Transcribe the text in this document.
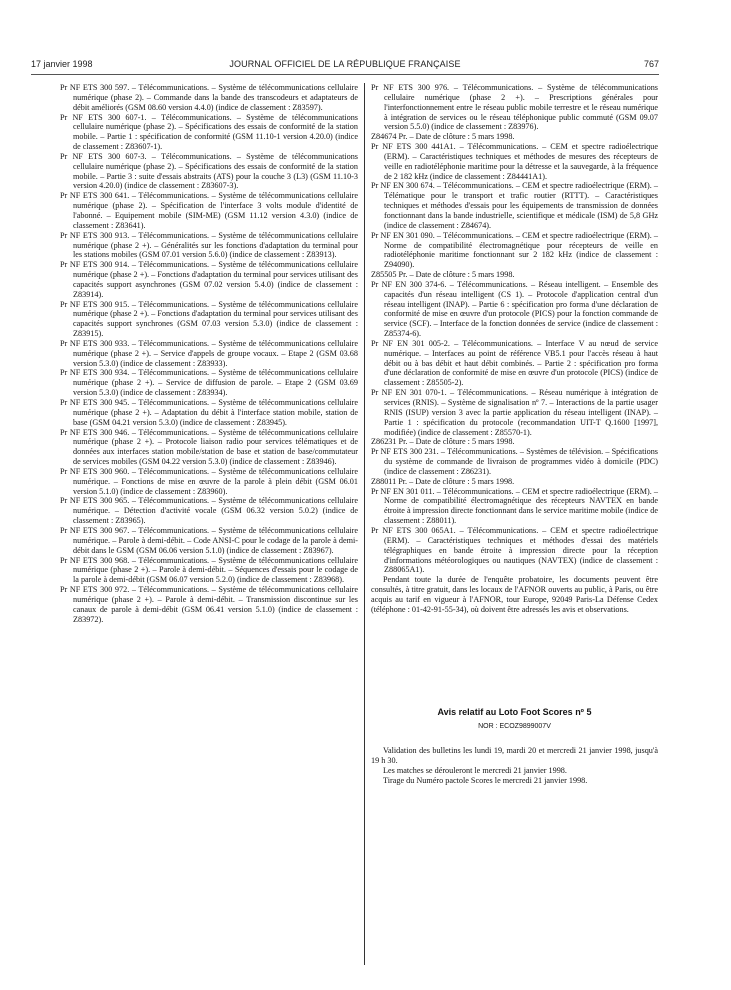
17 janvier 1998	JOURNAL OFFICIEL DE LA RÉPUBLIQUE FRANÇAISE	767

Pr NF ETS 300 597. – Télécommunications. – Système de télécommunications cellulaire numérique (phase 2). – Commande dans la bande des transcodeurs et adaptateurs de débit améliorés (GSM 08.60 version 4.4.0) (indice de classement : Z83597).

Pr NF ETS 300 607-1. – Télécommunications. – Système de télécommunications cellulaire numérique (phase 2). – Spécifications des essais de conformité de la station mobile. – Partie 1 : spécification de conformité (GSM 11.10-1 version 4.20.0) (indice de classement : Z83607-1).

Pr NF ETS 300 607-3. – Télécommunications. – Système de télécommunications cellulaire numérique (phase 2). – Spécifications des essais de conformité de la station mobile. – Partie 3 : suite d'essais abstraits (ATS) pour la couche 3 (L3) (GSM 11.10-3 version 4.20.0) (indice de classement : Z83607-3).

Pr NF ETS 300 641. – Télécommunications. – Système de télécommunications cellulaire numérique (phase 2). – Spécification de l'interface 3 volts module d'identité de l'abonné. – Equipement mobile (SIM-ME) (GSM 11.12 version 4.3.0) (indice de classement : Z83641).

Pr NF ETS 300 913. – Télécommunications. – Système de télécommunications cellulaire numérique (phase 2 +). – Généralités sur les fonctions d'adaptation du terminal pour les stations mobiles (GSM 07.01 version 5.6.0) (indice de classement : Z83913).

Pr NF ETS 300 914. – Télécommunications. – Système de télécommunications cellulaire numérique (phase 2 +). – Fonctions d'adaptation du terminal pour services utilisant des capacités support asynchrones (GSM 07.02 version 5.4.0) (indice de classement : Z83914).

Pr NF ETS 300 915. – Télécommunications. – Système de télécommunications cellulaire numérique (phase 2 +). – Fonctions d'adaptation du terminal pour services utilisant des capacités support synchrones (GSM 07.03 version 5.3.0) (indice de classement : Z83915).

Pr NF ETS 300 933. – Télécommunications. – Système de télécommunications cellulaire numérique (phase 2 +). – Service d'appels de groupe vocaux. – Etape 2 (GSM 03.68 version 5.3.0) (indice de classement : Z83933).

Pr NF ETS 300 934. – Télécommunications. – Système de télécommunications cellulaire numérique (phase 2 +). – Service de diffusion de parole. – Etape 2 (GSM 03.69 version 5.3.0) (indice de classement : Z83934).

Pr NF ETS 300 945. – Télécommunications. – Système de télécommunications cellulaire numérique (phase 2 +). – Adaptation du débit à l'interface station mobile, station de base (GSM 04.21 version 5.3.0) (indice de classement : Z83945).

Pr NF ETS 300 946. – Télécommunications. – Système de télécommunications cellulaire numérique (phase 2 +). – Protocole liaison radio pour services télématiques et de données aux interfaces station mobile/station de base et station de base/commutateur de services mobiles (GSM 04.22 version 5.3.0) (indice de classement : Z83946).

Pr NF ETS 300 960. – Télécommunications. – Système de télécommunications cellulaire numérique. – Fonctions de mise en œuvre de la parole à plein débit (GSM 06.01 version 5.1.0) (indice de classement : Z83960).

Pr NF ETS 300 965. – Télécommunications. – Système de télécommunications cellulaire numérique. – Détection d'activité vocale (GSM 06.32 version 5.0.2) (indice de classement : Z83965).

Pr NF ETS 300 967. – Télécommunications. – Système de télécommunications cellulaire numérique. – Parole à demi-débit. – Code ANSI-C pour le codage de la parole à demi-débit dans le GSM (GSM 06.06 version 5.1.0) (indice de classement : Z83967).

Pr NF ETS 300 968. – Télécommunications. – Système de télécommunications cellulaire numérique (phase 2 +). – Parole à demi-débit. – Séquences d'essais pour le codage de la parole à demi-débit (GSM 06.07 version 5.2.0) (indice de classement : Z83968).

Pr NF ETS 300 972. – Télécommunications. – Système de télécommunications cellulaire numérique (phase 2 +). – Parole à demi-débit. – Transmission discontinue sur les canaux de parole à demi-débit (GSM 06.41 version 5.1.0) (indice de classement : Z83972).

Pr NF ETS 300 976. – Télécommunications. – Système de télécommunications cellulaire numérique (phase 2 +). – Prescriptions générales pour l'interfonctionnement entre le réseau public mobile terrestre et le réseau numérique à intégration de services ou le réseau téléphonique public commuté (GSM 09.07 version 5.5.0) (indice de classement : Z83976).

Z84674 Pr. – Date de clôture : 5 mars 1998.

Pr NF ETS 300 441A1. – Télécommunications. – CEM et spectre radioélectrique (ERM). – Caractéristiques techniques et méthodes de mesures des récepteurs de veille en radiotéléphonie maritime pour la détresse et la sauvegarde, à la fréquence de 2 182 kHz (indice de classement : Z84441A1).

Pr NF EN 300 674. – Télécommunications. – CEM et spectre radioélectrique (ERM). – Télématique pour le transport et trafic routier (RTTT). – Caractéristiques techniques et méthodes d'essais pour les équipements de transmission de données fonctionnant dans la bande industrielle, scientifique et médicale (ISM) de 5,8 GHz (indice de classement : Z84674).

Pr NF EN 301 090. – Télécommunications. – CEM et spectre radioélectrique (ERM). – Norme de compatibilité électromagnétique pour récepteurs de veille en radiotéléphonie maritime fonctionnant sur 2 182 kHz (indice de classement : Z94090).

Z85505 Pr. – Date de clôture : 5 mars 1998.

Pr NF EN 300 374-6. – Télécommunications. – Réseau intelligent. – Ensemble des capacités d'un réseau intelligent (CS 1). – Protocole d'application central d'un réseau intelligent (INAP). – Partie 6 : spécification pro forma d'une déclaration de conformité de mise en œuvre d'un protocole (PICS) pour la fonction commande de service (SCF). – Interface de la fonction données de service (indice de classement : Z85374-6).

Pr NF EN 301 005-2. – Télécommunications. – Interface V au nœud de service numérique. – Interfaces au point de référence VB5.1 pour l'accès réseau à haut débit ou à bas débit et haut débit combinés. – Partie 2 : spécification pro forma d'une déclaration de conformité de mise en œuvre d'un protocole (PICS) (indice de classement : Z85505-2).

Pr NF EN 301 070-1. – Télécommunications. – Réseau numérique à intégration de services (RNIS). – Système de signalisation nº 7. – Interactions de la partie usager RNIS (ISUP) version 3 avec la partie application du réseau intelligent (INAP). – Partie 1 : spécification du protocole (recommandation UIT-T Q.1600 [1997], modifiée) (indice de classement : Z85570-1).

Z86231 Pr. – Date de clôture : 5 mars 1998.

Pr NF ETS 300 231. – Télécommunications. – Systèmes de télévision. – Spécifications du système de commande de livraison de programmes vidéo à domicile (PDC) (indice de classement : Z86231).

Z88011 Pr. – Date de clôture : 5 mars 1998.

Pr NF EN 301 011. – Télécommunications. – CEM et spectre radioélectrique (ERM). – Norme de compatibilité électromagnétique des récepteurs NAVTEX en bande étroite à impression directe fonctionnant dans le service maritime mobile (indice de classement : Z88011).

Pr NF ETS 300 065A1. – Télécommunications. – CEM et spectre radioélectrique (ERM). – Caractéristiques techniques et méthodes d'essai des matériels télégraphiques en bande étroite à impression directe pour la réception d'informations météorologiques ou nautiques (NAVTEX) (indice de classement : Z88065A1).

Pendant toute la durée de l'enquête probatoire, les documents peuvent être consultés, à titre gratuit, dans les locaux de l'AFNOR ouverts au public, à Paris, ou être acquis au tarif en vigueur à l'AFNOR, tour Europe, 92049 Paris-La Défense Cedex (téléphone : 01-42-91-55-34), où doivent être adressés les avis et observations.

Avis relatif au Loto Foot Scores nº 5
NOR : ECOZ9899007V

Validation des bulletins les lundi 19, mardi 20 et mercredi 21 janvier 1998, jusqu'à 19 h 30.

Les matches se dérouleront le mercredi 21 janvier 1998.

Tirage du Numéro pactole Scores le mercredi 21 janvier 1998.
